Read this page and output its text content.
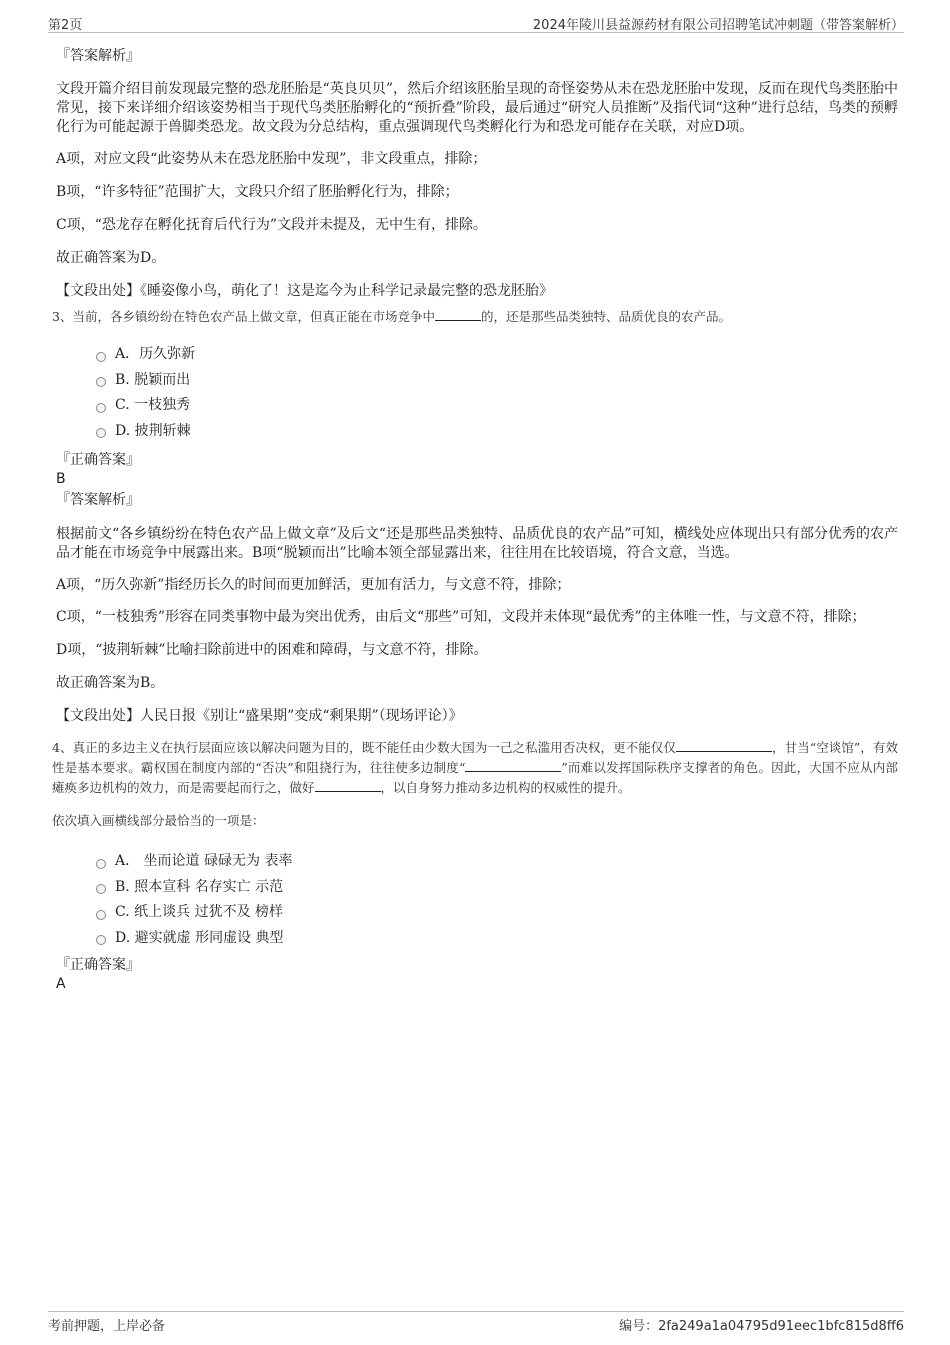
第2页	2024年陵川县益源药材有限公司招聘笔试冲刺题（带答案解析）

『答案解析』

文段开篇介绍目前发现最完整的恐龙胚胎是“英良贝贝”，然后介绍该胚胎呈现的奇怪姿势从未在恐龙胚胎中发现，反而在现代鸟类胚胎中常见，接下来详细介绍该姿势相当于现代鸟类胚胎孵化的“预折叠”阶段，最后通过“研究人员推断”及指代词“这种”进行总结，鸟类的预孵化行为可能起源于兽脚类恐龙。故文段为分总结构，重点强调现代鸟类孵化行为和恐龙可能存在关联，对应D项。

A项，对应文段“此姿势从未在恐龙胚胎中发现”，非文段重点，排除；

B项，“许多特征”范围扩大，文段只介绍了胚胎孵化行为，排除；

C项，“恐龙存在孵化抚育后代行为”文段并未提及，无中生有，排除。

故正确答案为D。

【文段出处】《睡姿像小鸟，萌化了！这是迄今为止科学记录最完整的恐龙胚胎》

3、当前，各乡镇纷纷在特色农产品上做文章，但真正能在市场竞争中	的，还是那些品类独特、品质优良的农产品。

A．历久弥新
B. 脱颖而出
C. 一枝独秀
D. 披荆斩棘

『正确答案』

B

『答案解析』

根据前文“各乡镇纷纷在特色农产品上做文章”及后文“还是那些品类独特、品质优良的农产品”可知，横线处应体现出只有部分优秀的农产品才能在市场竞争中展露出来。B项“脱颖而出”比喻本领全部显露出来，往往用在比较语境，符合文意，当选。

A项，“历久弥新”指经历长久的时间而更加鲜活，更加有活力，与文意不符，排除；

C项，“一枝独秀”形容在同类事物中最为突出优秀，由后文“那些”可知，文段并未体现“最优秀”的主体唯一性，与文意不符，排除；

D项，“披荆斩棘”比喻扫除前进中的困难和障碍，与文意不符，排除。

故正确答案为B。

【文段出处】人民日报《别让“盛果期”变成“剩果期”（现场评论）》

4、真正的多边主义在执行层面应该以解决问题为目的，既不能任由少数大国为一己之私滥用否决权，更不能仅仅	，甘当“空谈馆”，有效性是基本要求。霸权国在制度内部的“否决”和阻挠行为，往往使多边制度“	”而难以发挥国际秩序支撑者的角色。因此，大国不应从内部瘫痪多边机构的效力，而是需要起而行之，做好	，以自身努力推动多边机构的权威性的提升。

依次填入画横线部分最恰当的一项是：

A． 坐而论道 碌碌无为 表率
B. 照本宣科 名存实亡 示范
C. 纸上谈兵 过犹不及 榜样
D. 避实就虚 形同虚设 典型

『正确答案』

A

考前押题，上岸必备	编号：2fa249a1a04795d91eec1bfc815d8ff6
